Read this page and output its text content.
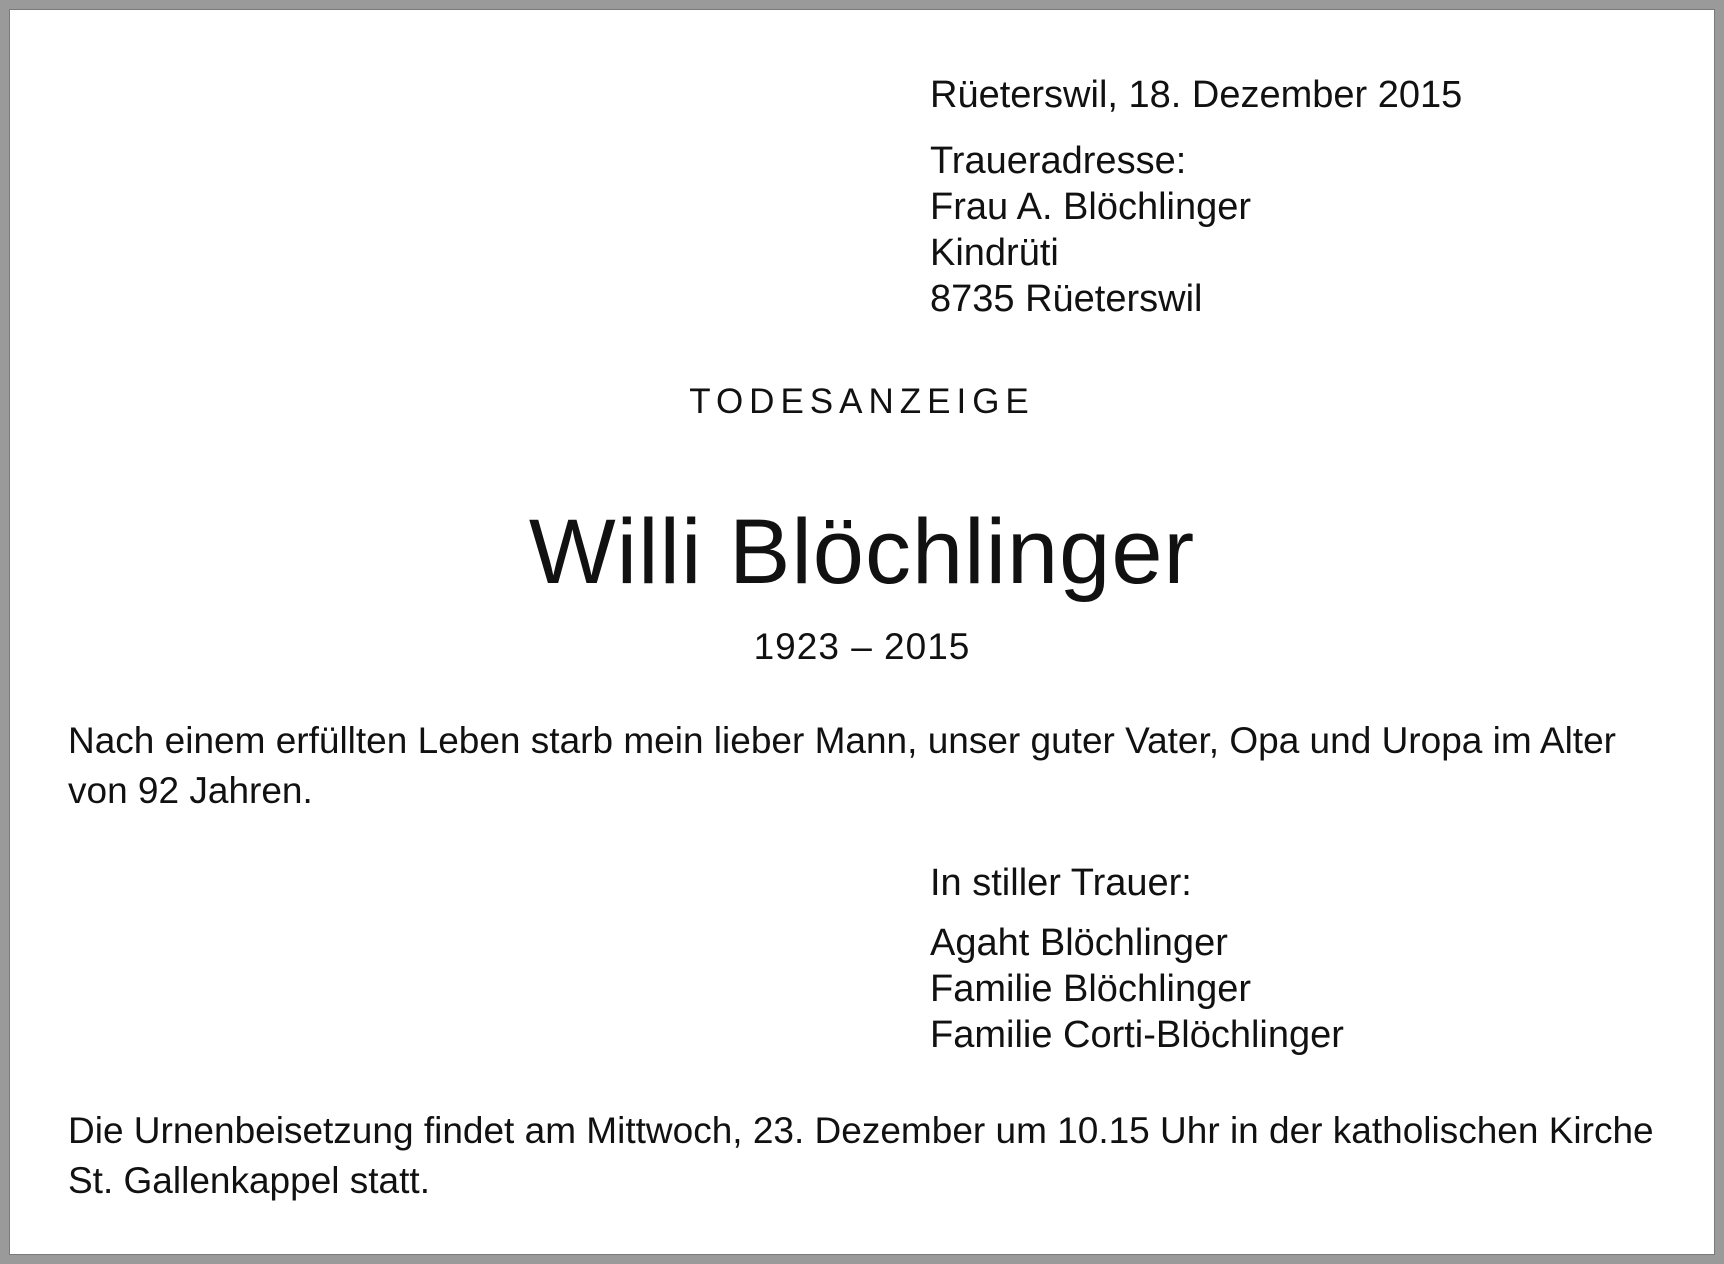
Rüeterswil, 18. Dezember 2015

Traueradresse:
Frau A. Blöchlinger
Kindrüti
8735 Rüeterswil

TODESANZEIGE

Willi Blöchlinger

1923 – 2015

Nach einem erfüllten Leben starb mein lieber Mann, unser guter Vater, Opa und Uropa im Alter von 92 Jahren.

In stiller Trauer:

Agaht Blöchlinger
Familie Blöchlinger
Familie Corti-Blöchlinger

Die Urnenbeisetzung findet am Mittwoch, 23. Dezember um 10.15 Uhr in der katholischen Kirche St. Gallenkappel statt.
